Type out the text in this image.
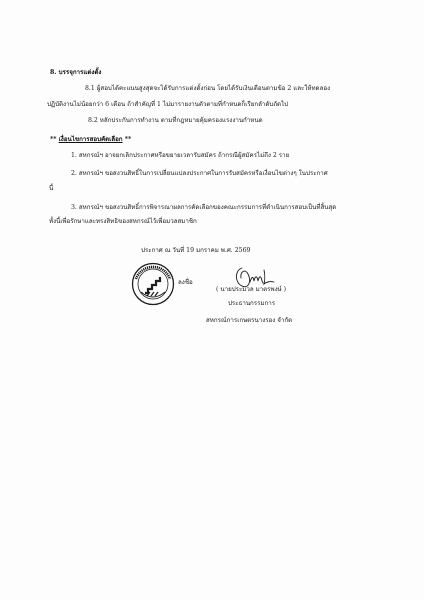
8. บรรจุการแต่งตั้ง
8.1 ผู้สอบได้คะแนนสูงสุดจะได้รับการแต่งตั้งก่อน โดยได้รับเงินเดือนตามข้อ 2 และให้ทดลอง
ปฏิบัติงานไม่น้อยกว่า 6 เดือน ถ้าสำคัญที่ 1 ไม่มารายงานตัวตามที่กำหนดก็เรียกลำดับถัดไป
8.2 หลักประกันการทำงาน ตามที่กฎหมายคุ้มครองแรงงานกำหนด
** เงื่อนไขการสอบคัดเลือก **
1. สหกรณ์ฯ อาจยกเลิกประกาศหรือขยายเวลารับสมัคร ถ้ากรณีผู้สมัครไม่ถึง 2 ราย
2. สหกรณ์ฯ ขอสงวนสิทธิ์ในการเปลี่ยนแปลงประกาศในการรับสมัครหรือเงื่อนไขต่างๆ ในประกาศ
นี้
3. สหกรณ์ฯ ขอสงวนสิทธิ์การพิจารณาผลการคัดเลือกของคณะกรรมการที่ดำเนินการสอบเป็นที่สิ้นสุด
ทั้งนี้เพื่อรักษาและทรงสิทธิของสหกรณ์ไว้เพื่อมวลสมาชิก
ประกาศ ณ วันที่ 19 มกราคม พ.ศ. 2569
ลงชื่อ
( นายประมวล มาตรพงษ์ )
ประธานกรรมการ
สหกรณ์การเกษตรนางรอง จำกัด
